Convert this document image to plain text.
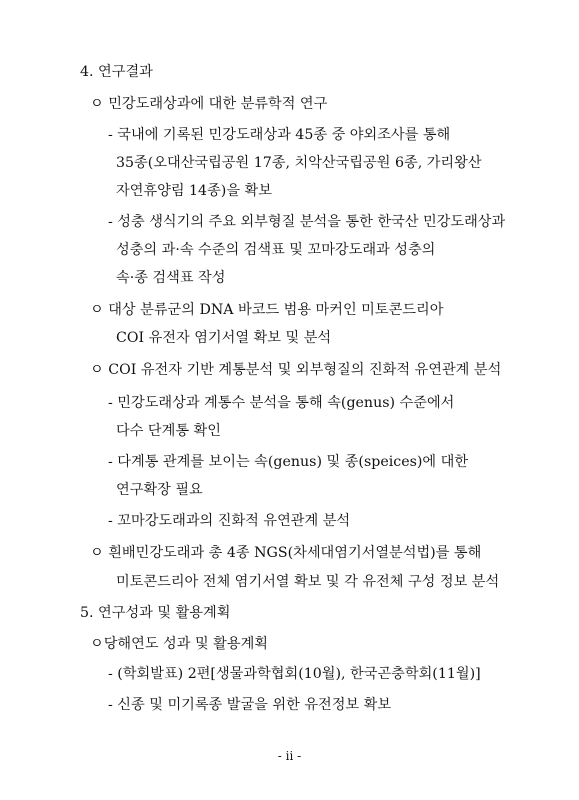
4. 연구결과
ㅇ 민강도래상과에 대한 분류학적 연구
- 국내에 기록된 민강도래상과 45종 중 야외조사를 통해
35종(오대산국립공원 17종, 치악산국립공원 6종, 가리왕산
자연휴양림 14종)을 확보
- 성충 생식기의 주요 외부형질 분석을 통한 한국산 민강도래상과
성충의 과·속 수준의 검색표 및 꼬마강도래과 성충의
속·종 검색표 작성
ㅇ 대상 분류군의 DNA 바코드 범용 마커인 미토콘드리아
COI 유전자 염기서열 확보 및 분석
ㅇ COI 유전자 기반 계통분석 및 외부형질의 진화적 유연관계 분석
- 민강도래상과 계통수 분석을 통해 속(genus) 수준에서
다수 단계통 확인
- 다계통 관계를 보이는 속(genus) 및 종(speices)에 대한
연구확장 필요
- 꼬마강도래과의 진화적 유연관계 분석
ㅇ 흰배민강도래과 총 4종 NGS(차세대염기서열분석법)를 통해
미토콘드리아 전체 염기서열 확보 및 각 유전체 구성 정보 분석
5. 연구성과 및 활용계획
ㅇ당해연도 성과 및 활용계획
- (학회발표) 2편[생물과학협회(10월), 한국곤충학회(11월)]
- 신종 및 미기록종 발굴을 위한 유전정보 확보
- ii -
